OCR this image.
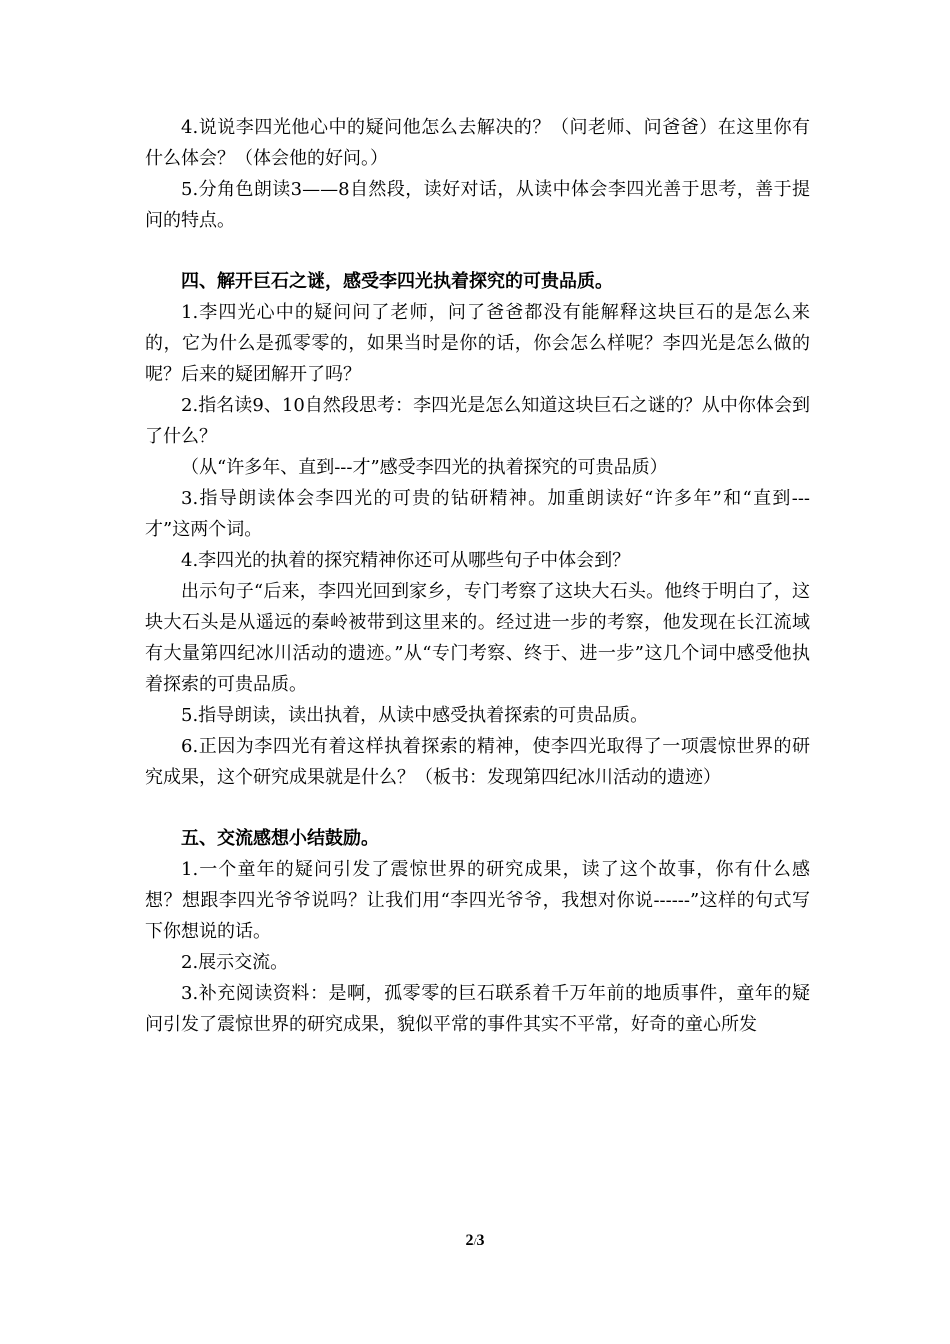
4.说说李四光他心中的疑问他怎么去解决的？（问老师、问爸爸）在这里你有什么体会？（体会他的好问。）

5.分角色朗读3——8自然段，读好对话，从读中体会李四光善于思考，善于提问的特点。

四、解开巨石之谜，感受李四光执着探究的可贵品质。

1.李四光心中的疑问问了老师，问了爸爸都没有能解释这块巨石的是怎么来的，它为什么是孤零零的，如果当时是你的话，你会怎么样呢？李四光是怎么做的呢？后来的疑团解开了吗？

2.指名读9、10自然段思考：李四光是怎么知道这块巨石之谜的？从中你体会到了什么？

（从“许多年、直到---才”感受李四光的执着探究的可贵品质）

3.指导朗读体会李四光的可贵的钻研精神。加重朗读好“许多年”和“直到---才”这两个词。

4.李四光的执着的探究精神你还可从哪些句子中体会到？

出示句子“后来，李四光回到家乡，专门考察了这块大石头。他终于明白了，这块大石头是从遥远的秦岭被带到这里来的。经过进一步的考察，他发现在长江流域有大量第四纪冰川活动的遗迹。”从“专门考察、终于、进一步”这几个词中感受他执着探索的可贵品质。

5.指导朗读，读出执着，从读中感受执着探索的可贵品质。

6.正因为李四光有着这样执着探索的精神，使李四光取得了一项震惊世界的研究成果，这个研究成果就是什么？（板书：发现第四纪冰川活动的遗迹）

五、交流感想小结鼓励。

1.一个童年的疑问引发了震惊世界的研究成果，读了这个故事，你有什么感想？想跟李四光爷爷说吗？让我们用“李四光爷爷，我想对你说------”这样的句式写下你想说的话。

2.展示交流。

3.补充阅读资料：是啊，孤零零的巨石联系着千万年前的地质事件，童年的疑问引发了震惊世界的研究成果，貌似平常的事件其实不平常，好奇的童心所发

2/3
